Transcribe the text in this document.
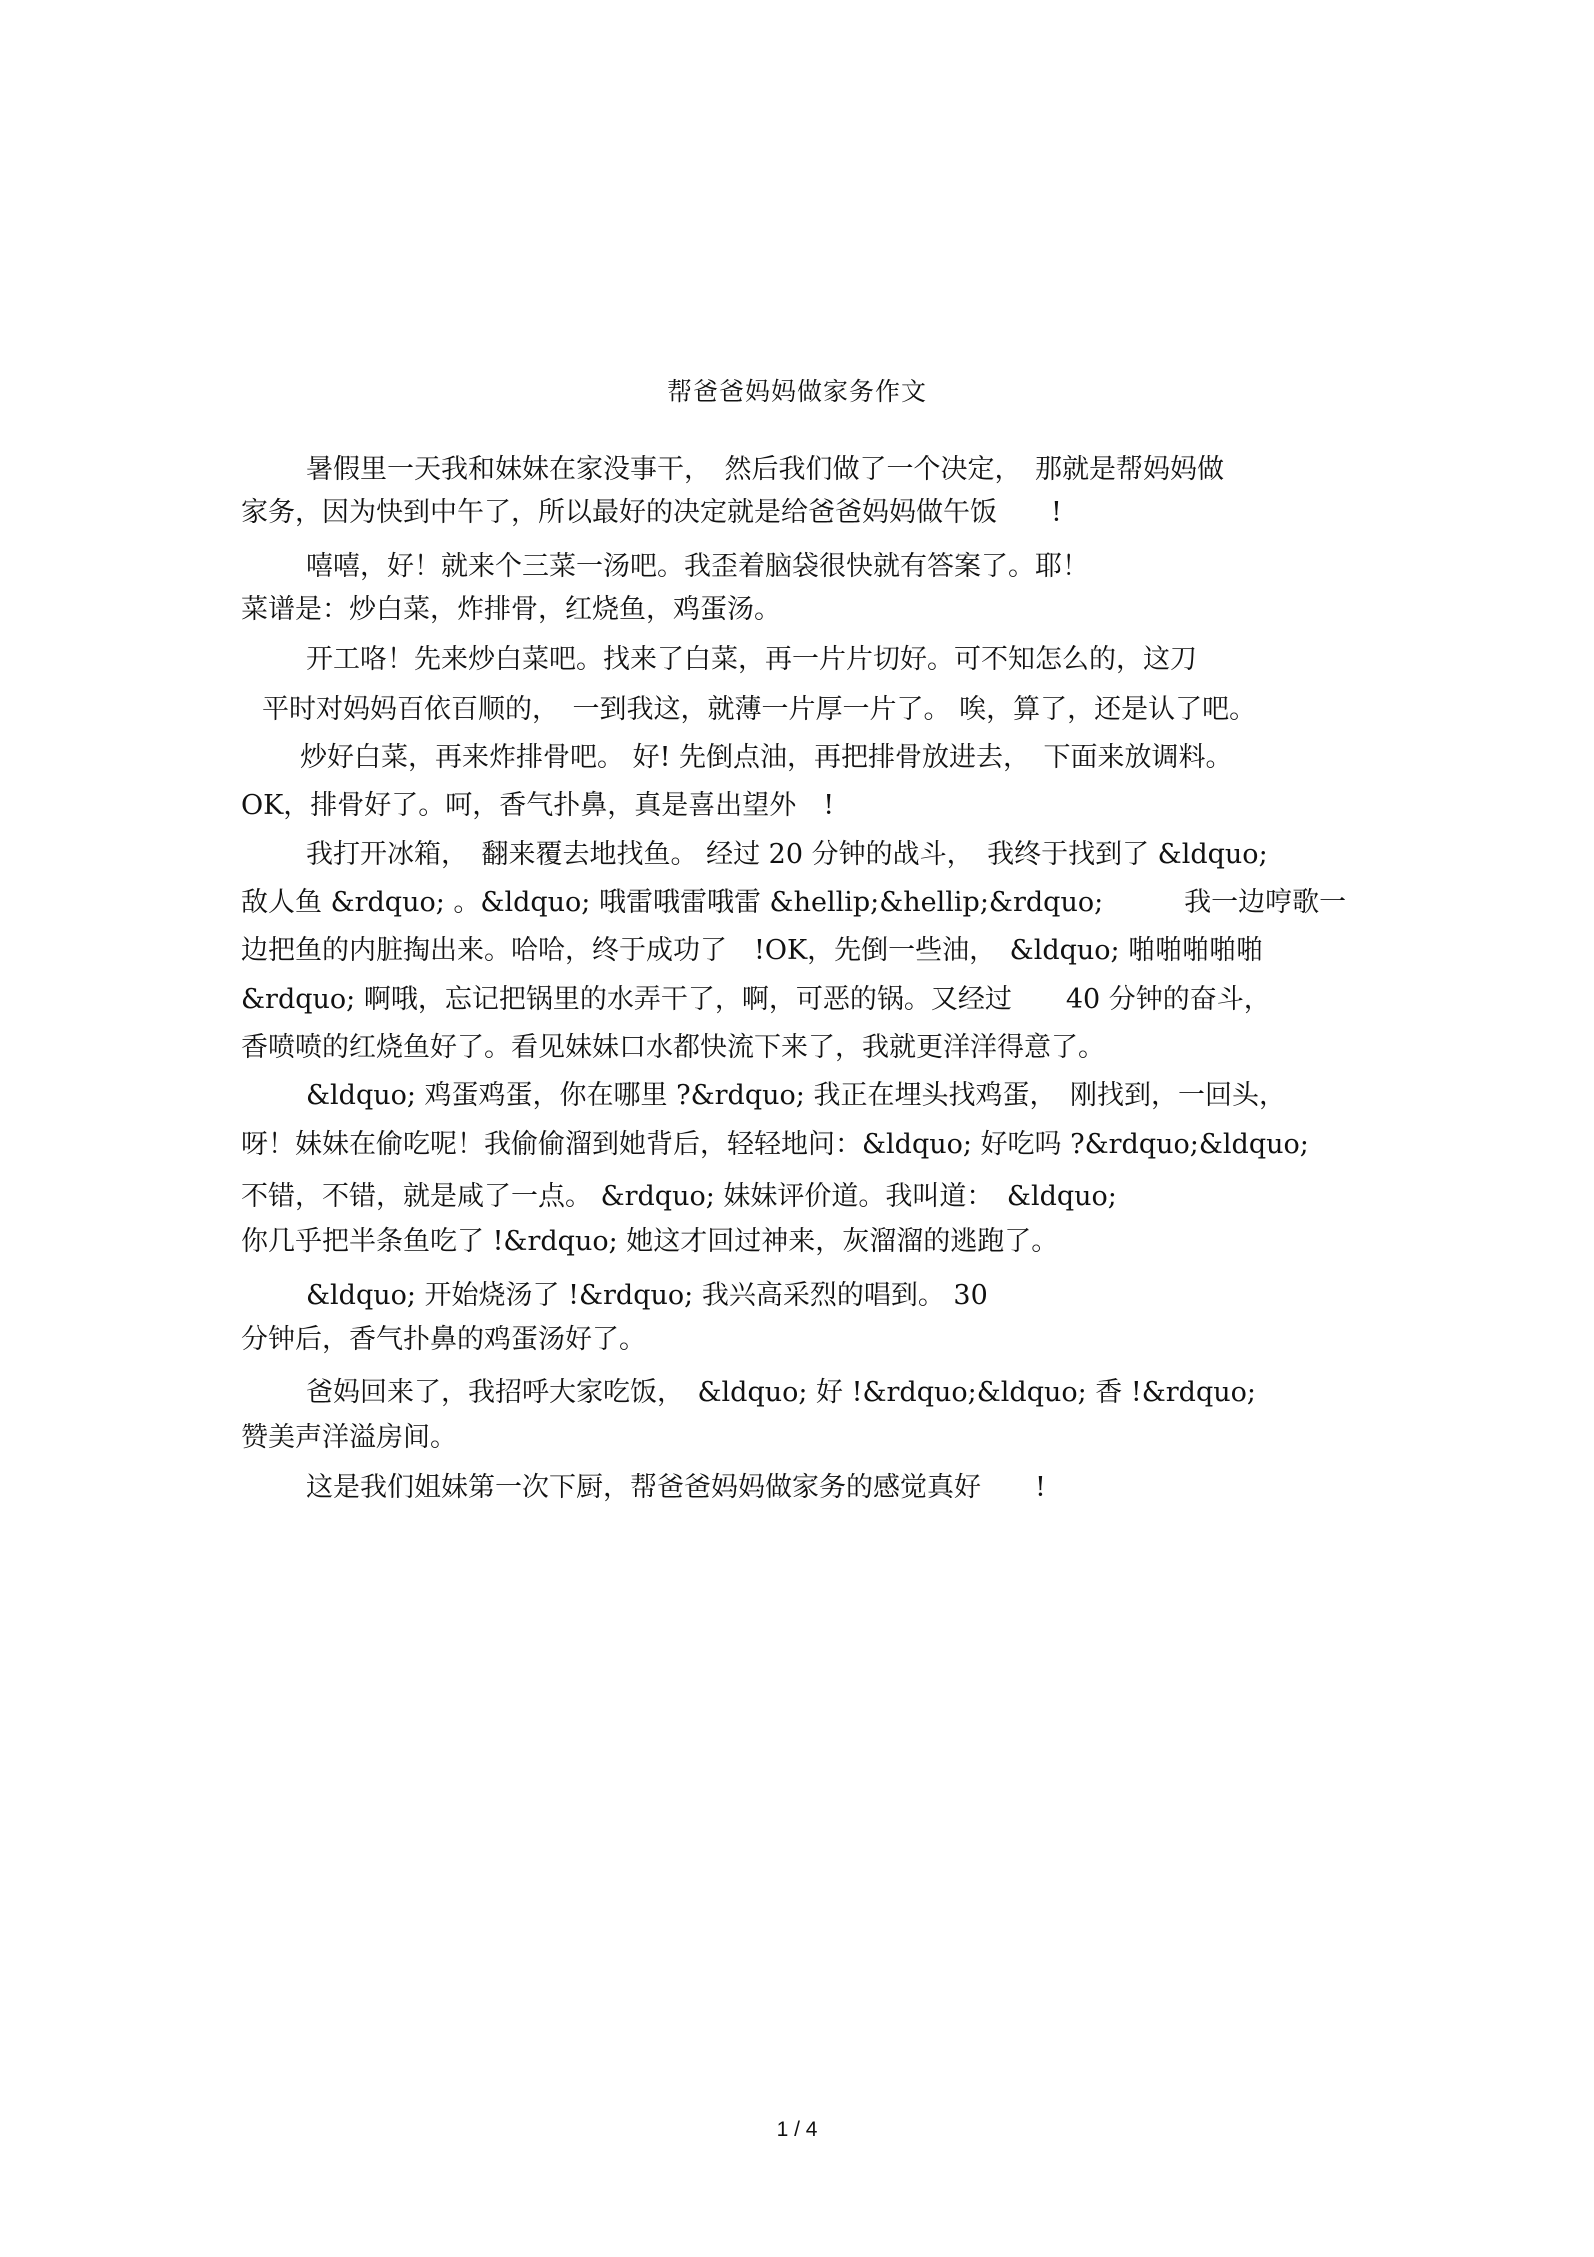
帮爸爸妈妈做家务作文
暑假里一天我和妹妹在家没事干，　然后我们做了一个决定，　那就是帮妈妈做
家务，因为快到中午了，所以最好的决定就是给爸爸妈妈做午饭　　!
嘻嘻，好！就来个三菜一汤吧。我歪着脑袋很快就有答案了。耶！
菜谱是：炒白菜，炸排骨，红烧鱼，鸡蛋汤。
开工咯！先来炒白菜吧。找来了白菜，再一片片切好。可不知怎么的，这刀
平时对妈妈百依百顺的，　一到我这，就薄一片厚一片了。 唉，算了，还是认了吧。
炒好白菜，再来炸排骨吧。 好! 先倒点油，再把排骨放进去，　下面来放调料。
OK，排骨好了。呵，香气扑鼻，真是喜出望外　!
我打开冰箱，　翻来覆去地找鱼。 经过 20 分钟的战斗，　我终于找到了 &ldquo;
敌人鱼 &rdquo; 。&ldquo; 哦雷哦雷哦雷 &hellip;&hellip;&rdquo;　　　我一边哼歌一
边把鱼的内脏掏出来。哈哈，终于成功了　!OK，先倒一些油，　&ldquo; 啪啪啪啪啪
&rdquo; 啊哦，忘记把锅里的水弄干了，啊，可恶的锅。又经过　　40 分钟的奋斗，
香喷喷的红烧鱼好了。看见妹妹口水都快流下来了，我就更洋洋得意了。
&ldquo; 鸡蛋鸡蛋，你在哪里 ?&rdquo; 我正在埋头找鸡蛋，　刚找到，一回头，
呀！妹妹在偷吃呢！我偷偷溜到她背后，轻轻地问：&ldquo; 好吃吗 ?&rdquo;&ldquo;
不错，不错，就是咸了一点。 &rdquo; 妹妹评价道。我叫道：　&ldquo;
你几乎把半条鱼吃了 !&rdquo; 她这才回过神来，灰溜溜的逃跑了。
&ldquo; 开始烧汤了 !&rdquo; 我兴高采烈的唱到。 30
分钟后，香气扑鼻的鸡蛋汤好了。
爸妈回来了，我招呼大家吃饭，　&ldquo; 好 !&rdquo;&ldquo; 香 !&rdquo;
赞美声洋溢房间。
这是我们姐妹第一次下厨，帮爸爸妈妈做家务的感觉真好　　!
1 / 4
